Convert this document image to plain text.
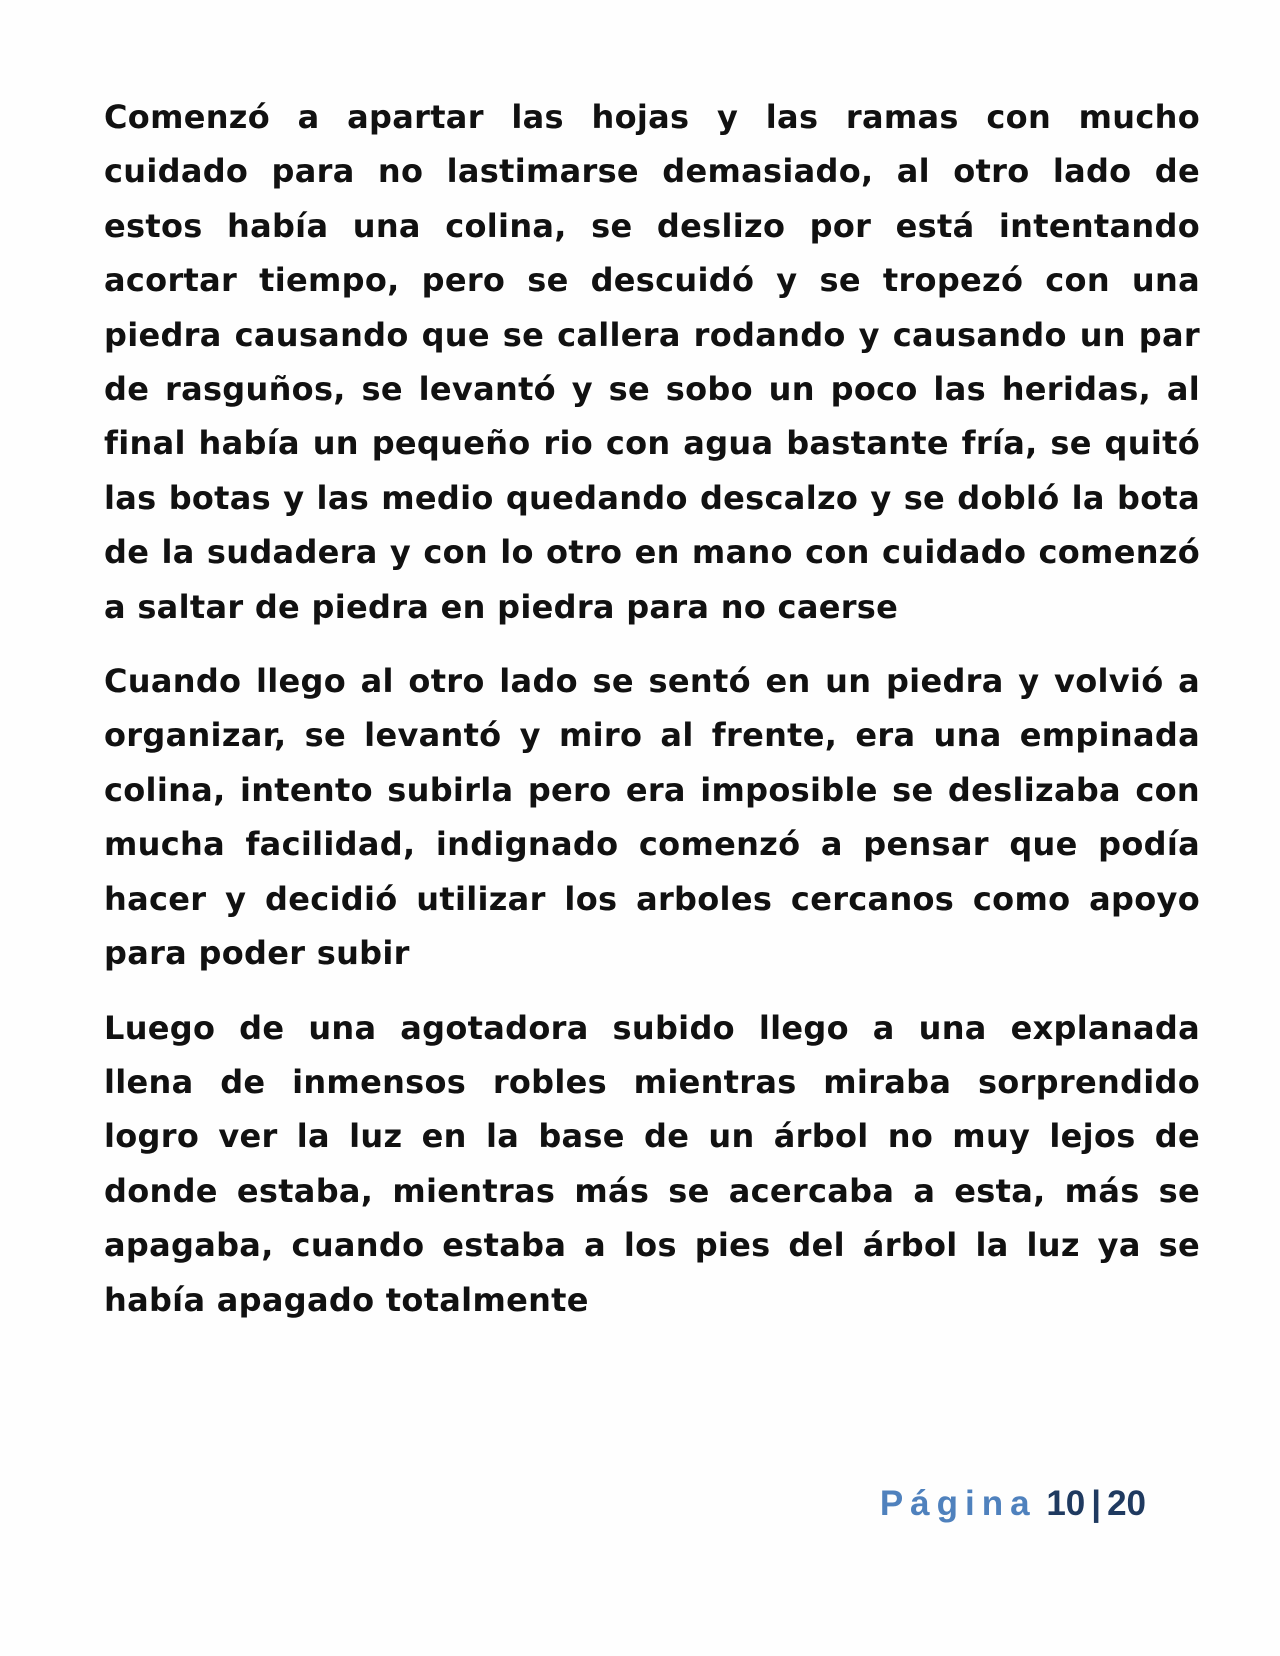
Comenzó a apartar las hojas y las ramas con mucho cuidado para no lastimarse demasiado, al otro lado de estos había una colina, se deslizo por está intentando acortar tiempo, pero se descuidó y se tropezó con una piedra causando que se callera rodando y causando un par de rasguños, se levantó y se sobo un poco las heridas, al final había un pequeño rio con agua bastante fría, se quitó las botas y las medio quedando descalzo y se dobló la bota de la sudadera y con lo otro en mano con cuidado comenzó a saltar de piedra en piedra para no caerse

Cuando llego al otro lado se sentó en un piedra y volvió a organizar, se levantó y miro al frente, era una empinada colina, intento subirla pero era imposible se deslizaba con mucha facilidad, indignado comenzó a pensar que podía hacer y decidió utilizar los arboles cercanos como apoyo para poder subir

Luego de una agotadora subido llego a una explanada llena de inmensos robles mientras miraba sorprendido logro ver la luz en la base de un árbol no muy lejos de donde estaba, mientras más se acercaba a esta, más se apagaba, cuando estaba a los pies del árbol la luz ya se había apagado totalmente

Página 10 | 20
